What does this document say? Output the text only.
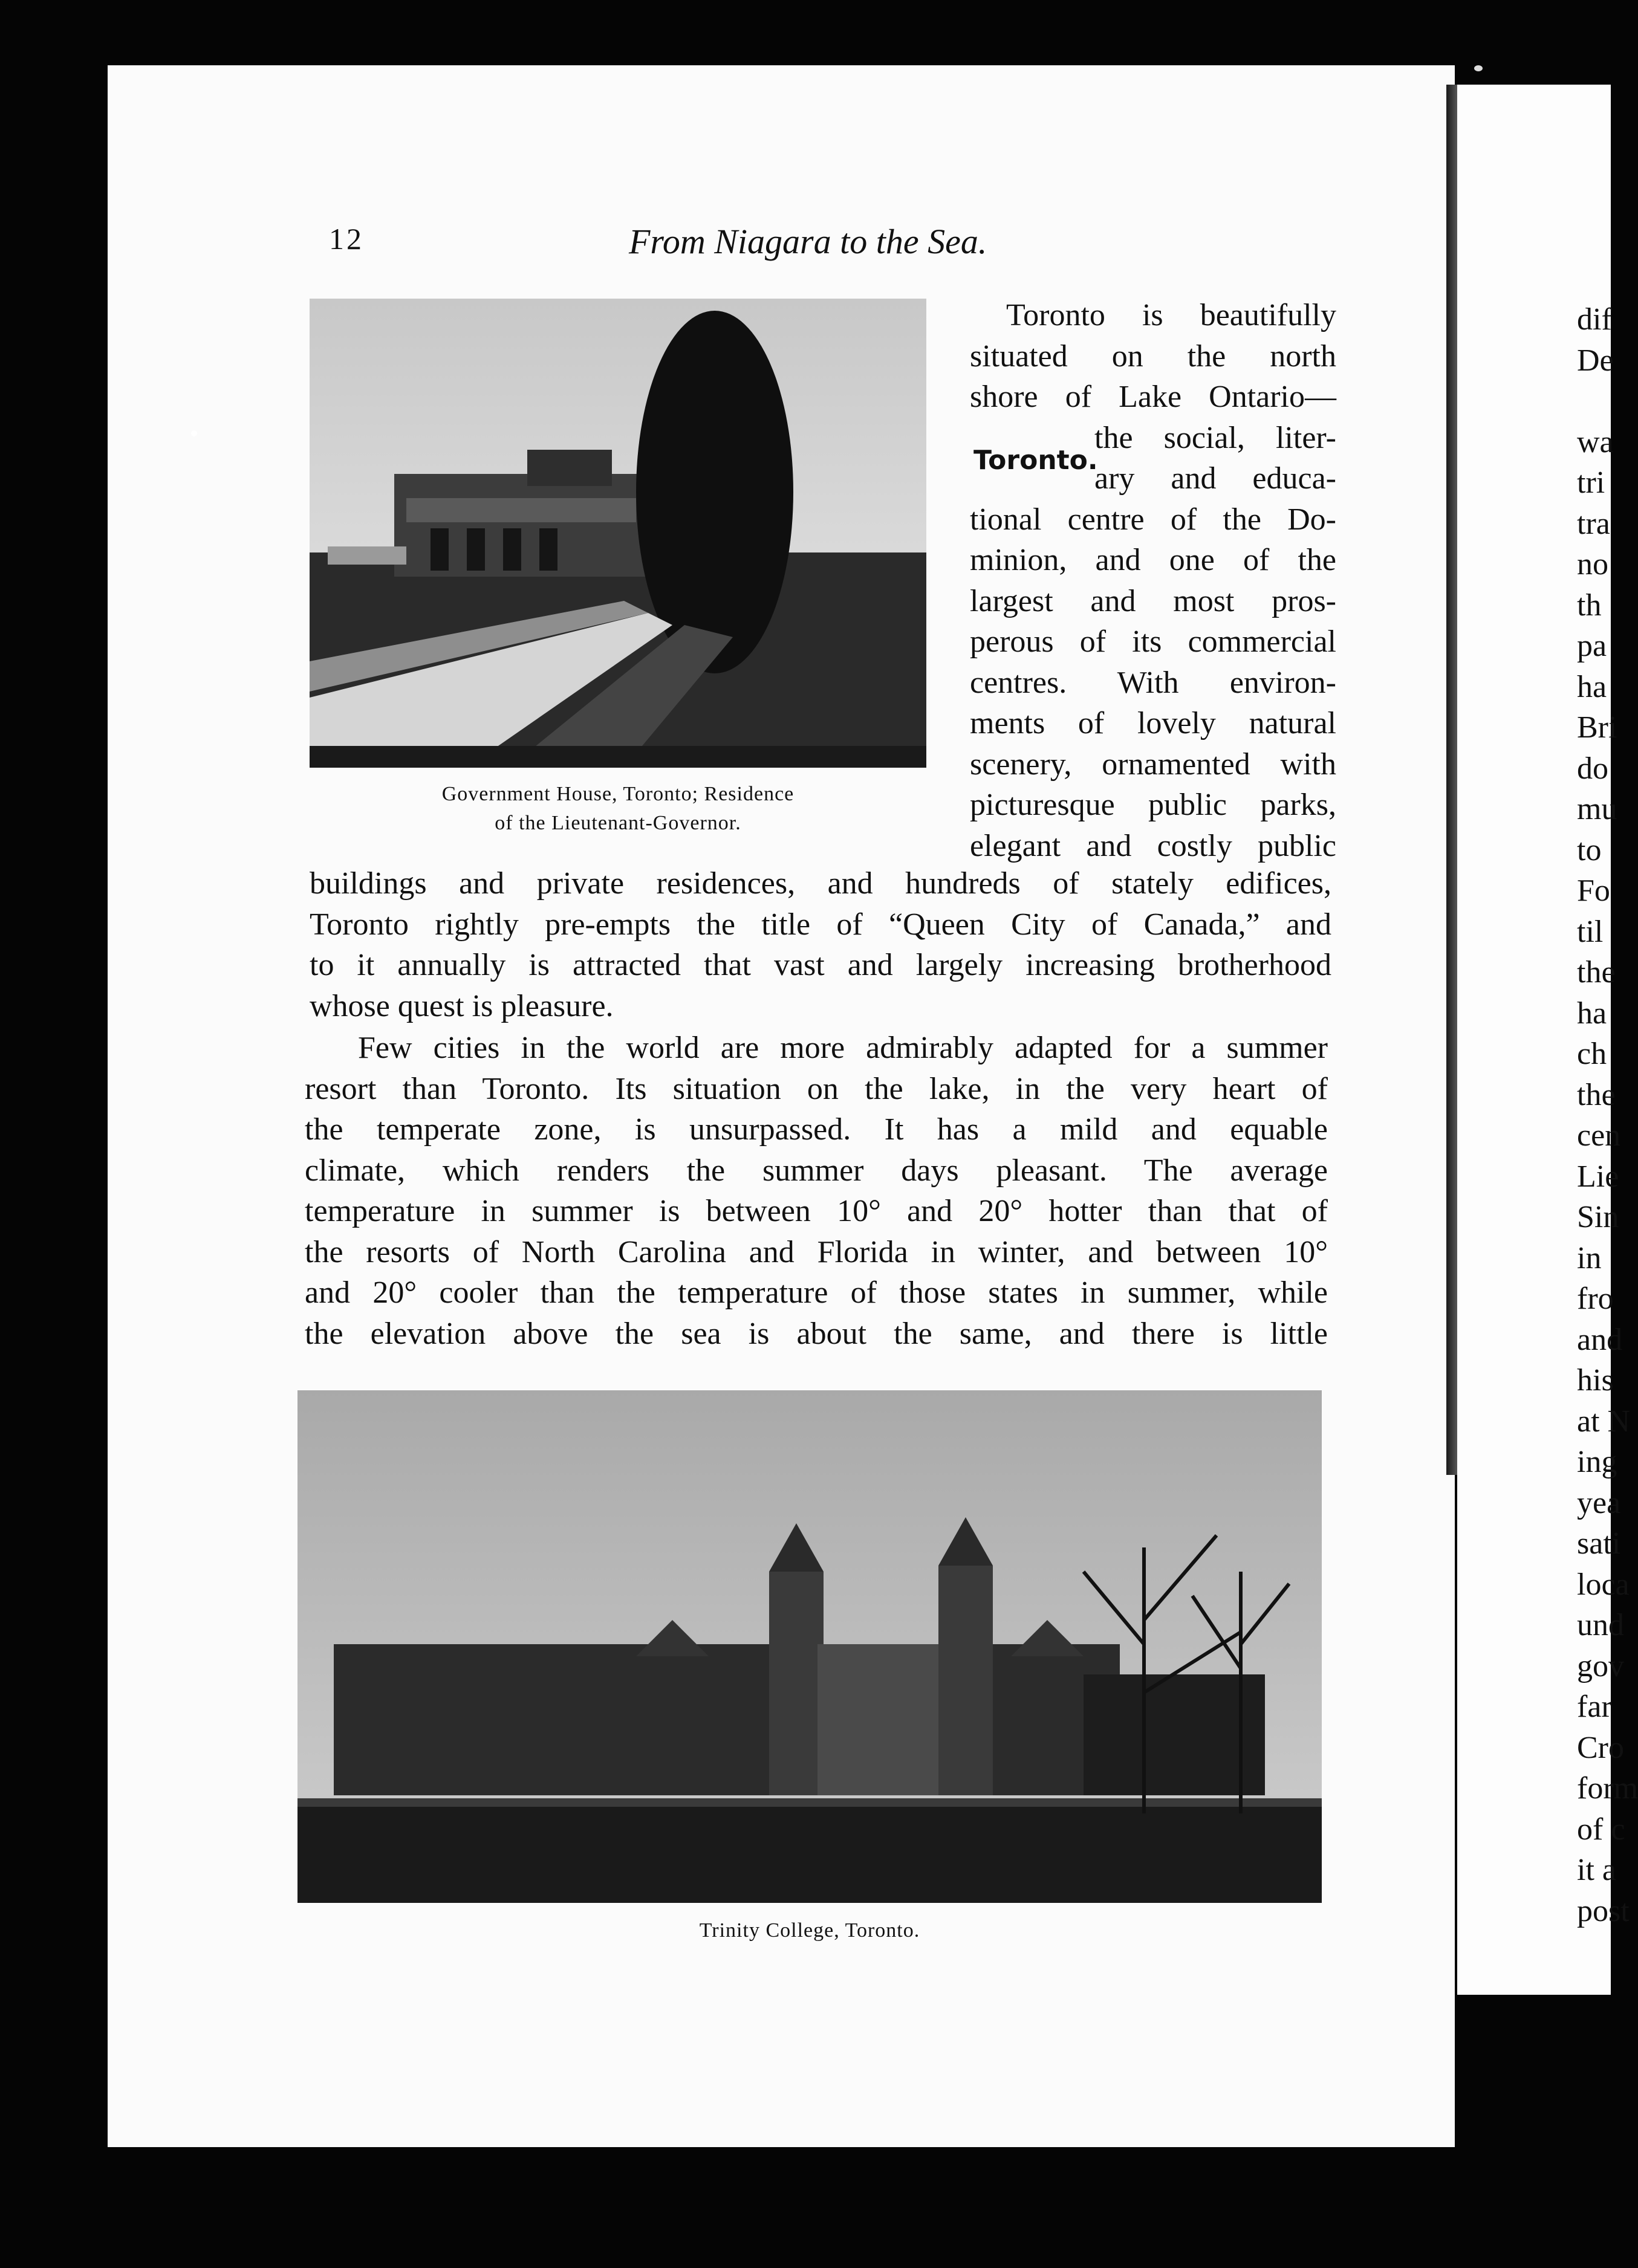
12	From Niagara to the Sea.
Government House, Toronto; Residence
of the Lieutenant-Governor.
Toronto.
Toronto is beautifully
situated on the north
shore of Lake Ontario—
the social, liter-
ary and educa-
tional centre of the Do-
minion, and one of the
largest and most pros-
perous of its commercial
centres. With environ-
ments of lovely natural
scenery, ornamented with
picturesque public parks,
elegant and costly public
buildings and private residences, and hundreds of stately edifices,
Toronto rightly pre-empts the title of “Queen City of Canada,” and
to it annually is attracted that vast and largely increasing brotherhood
whose quest is pleasure.
Few cities in the world are more admirably adapted for a summer
resort than Toronto. Its situation on the lake, in the very heart of
the temperate zone, is unsurpassed. It has a mild and equable
climate, which renders the summer days pleasant. The average
temperature in summer is between 10° and 20° hotter than that of
the resorts of North Carolina and Florida in winter, and between 10°
and 20° cooler than the temperature of those states in summer, while
the elevation above the sea is about the same, and there is little
Trinity College, Toronto.
dif
De
wa
tri
tra
no
th
pa
ha
Bri
do
mu
to
Fo
til
the
ha
ch
the
cen
Lie
Sin
in
fro
and
his
at N
ing
yea
sati
loca
und
gov
far
Cro
form
of c
it a
post
